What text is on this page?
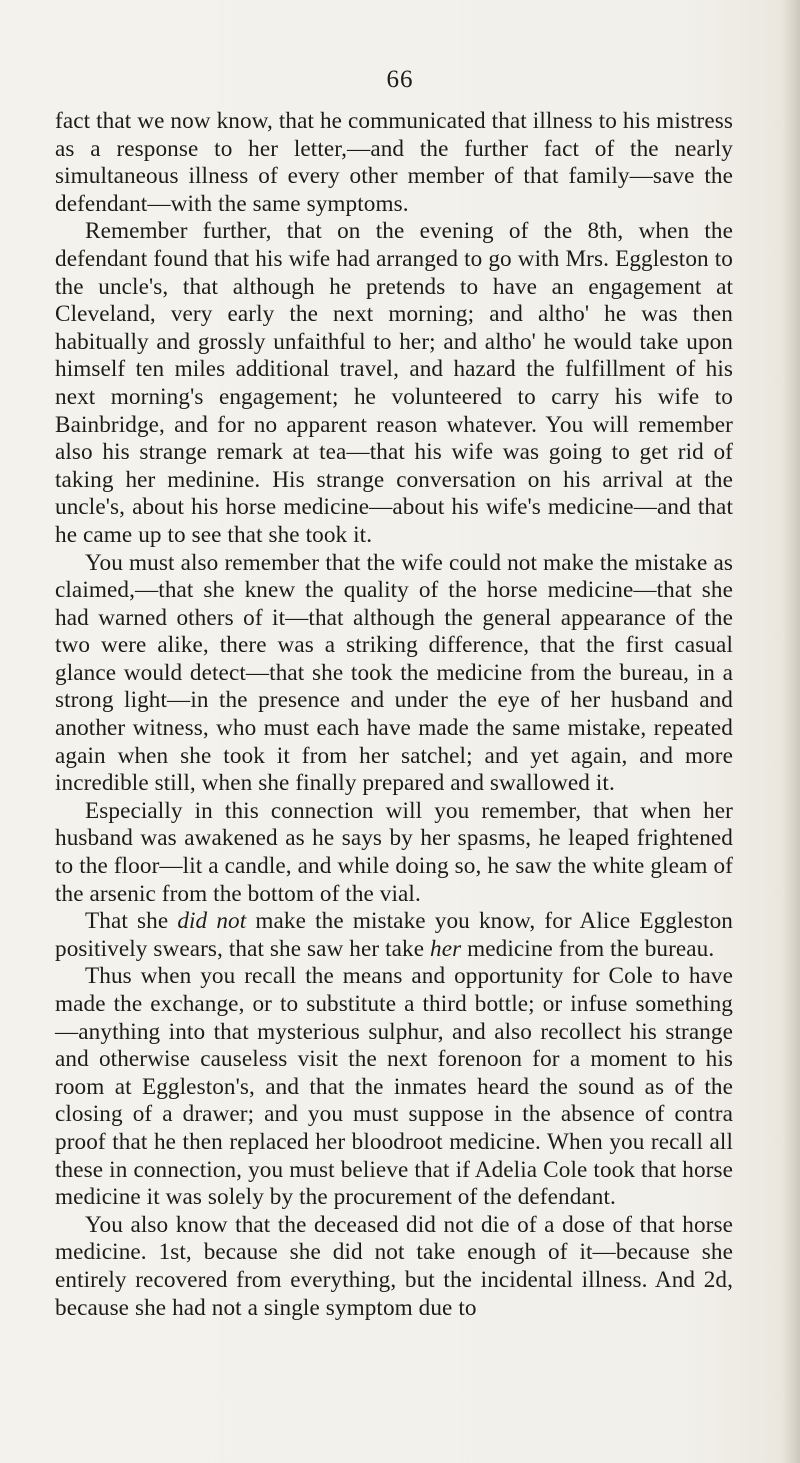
66

fact that we now know, that he communicated that illness to his mistress as a response to her letter,—and the further fact of the nearly simultaneous illness of every other member of that family—save the defendant—with the same symptoms.

Remember further, that on the evening of the 8th, when the defendant found that his wife had arranged to go with Mrs. Eggleston to the uncle's, that although he pretends to have an engagement at Cleveland, very early the next morning; and altho' he was then habitually and grossly unfaithful to her; and altho' he would take upon himself ten miles additional travel, and hazard the fulfillment of his next morning's engagement; he volunteered to carry his wife to Bainbridge, and for no apparent reason whatever. You will remember also his strange remark at tea—that his wife was going to get rid of taking her medinine. His strange conversation on his arrival at the uncle's, about his horse medicine—about his wife's medicine—and that he came up to see that she took it.

You must also remember that the wife could not make the mistake as claimed,—that she knew the quality of the horse medicine—that she had warned others of it—that although the general appearance of the two were alike, there was a striking difference, that the first casual glance would detect—that she took the medicine from the bureau, in a strong light—in the presence and under the eye of her husband and another witness, who must each have made the same mistake, repeated again when she took it from her satchel; and yet again, and more incredible still, when she finally prepared and swallowed it.

Especially in this connection will you remember, that when her husband was awakened as he says by her spasms, he leaped frightened to the floor—lit a candle, and while doing so, he saw the white gleam of the arsenic from the bottom of the vial.

That she did not make the mistake you know, for Alice Eggleston positively swears, that she saw her take her medicine from the bureau.

Thus when you recall the means and opportunity for Cole to have made the exchange, or to substitute a third bottle; or infuse something—anything into that mysterious sulphur, and also recollect his strange and otherwise causeless visit the next forenoon for a moment to his room at Eggleston's, and that the inmates heard the sound as of the closing of a drawer; and you must suppose in the absence of contra proof that he then replaced her bloodroot medicine. When you recall all these in connection, you must believe that if Adelia Cole took that horse medicine it was solely by the procurement of the defendant.

You also know that the deceased did not die of a dose of that horse medicine. 1st, because she did not take enough of it—because she entirely recovered from everything, but the incidental illness. And 2d, because she had not a single symptom due to
